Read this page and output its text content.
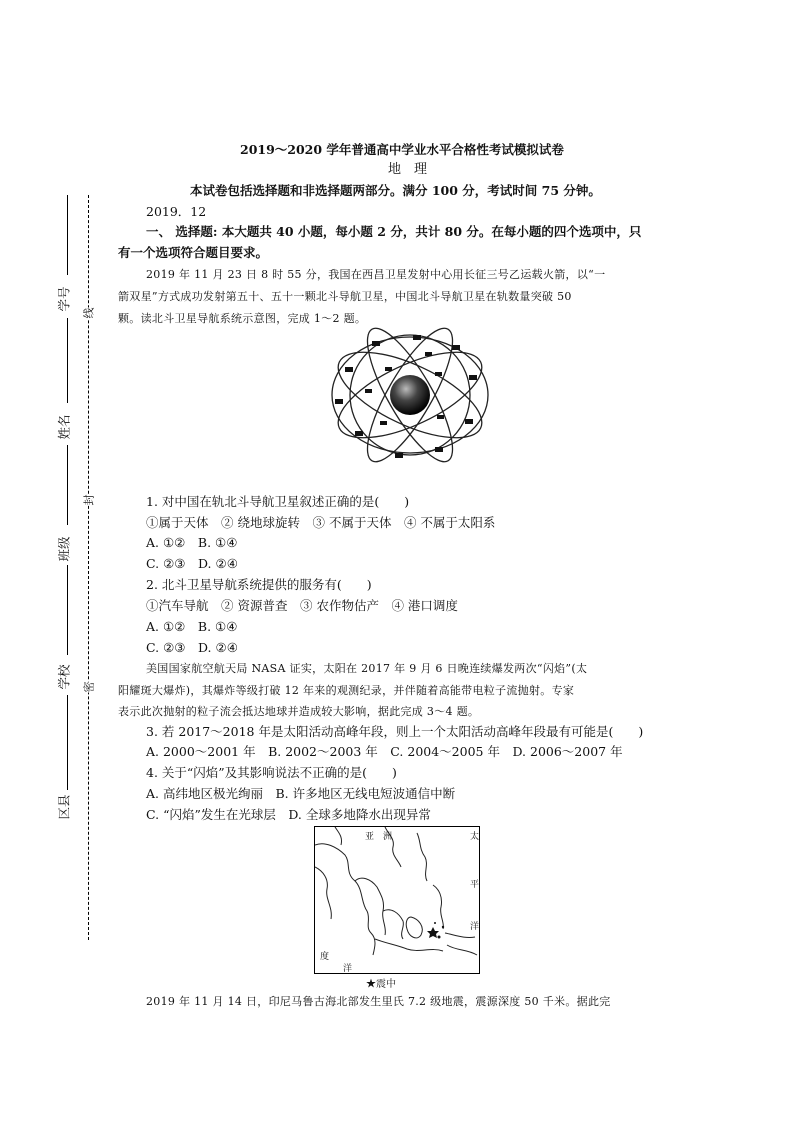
学号
姓名
班级
学校
区县
线
封
密
2019～2020 学年普通高中学业水平合格性考试模拟试卷
地　理
本试卷包括选择题和非选择题两部分。满分 100 分，考试时间 75 分钟。
2019．12
一、 选择题: 本大题共 40 小题，每小题 2 分，共计 80 分。在每小题的四个选项中，只
有一个选项符合题目要求。
2019 年 11 月 23 日 8 时 55 分，我国在西昌卫星发射中心用长征三号乙运载火箭，以“一
箭双星”方式成功发射第五十、五十一颗北斗导航卫星，中国北斗导航卫星在轨数量突破 50
颗。读北斗卫星导航系统示意图，完成 1～2 题。
1. 对中国在轨北斗导航卫星叙述正确的是(　　)
①属于天体　② 绕地球旋转　③ 不属于天体　④ 不属于太阳系
A. ①②　B. ①④
C. ②③　D. ②④
2. 北斗卫星导航系统提供的服务有(　　)
①汽车导航　② 资源普查　③ 农作物估产　④ 港口调度
A. ①②　B. ①④
C. ②③　D. ②④
美国国家航空航天局 NASA 证实，太阳在 2017 年 9 月 6 日晚连续爆发两次“闪焰”(太
阳耀斑大爆炸)，其爆炸等级打破 12 年来的观测纪录，并伴随着高能带电粒子流抛射。专家
表示此次抛射的粒子流会抵达地球并造成较大影响，据此完成 3～4 题。
3. 若 2017～2018 年是太阳活动高峰年段，则上一个太阳活动高峰年段最有可能是(　　)
A. 2000～2001 年　B. 2002～2003 年　C. 2004～2005 年　D. 2006～2007 年
4. 关于“闪焰”及其影响说法不正确的是(　　)
A. 高纬地区极光绚丽　B. 许多地区无线电短波通信中断
C. “闪焰”发生在光球层　D. 全球多地降水出现异常
亚　洲	太
平
洋
度
洋
★震中
2019 年 11 月 14 日，印尼马鲁古海北部发生里氏 7.2 级地震，震源深度 50 千米。据此完
